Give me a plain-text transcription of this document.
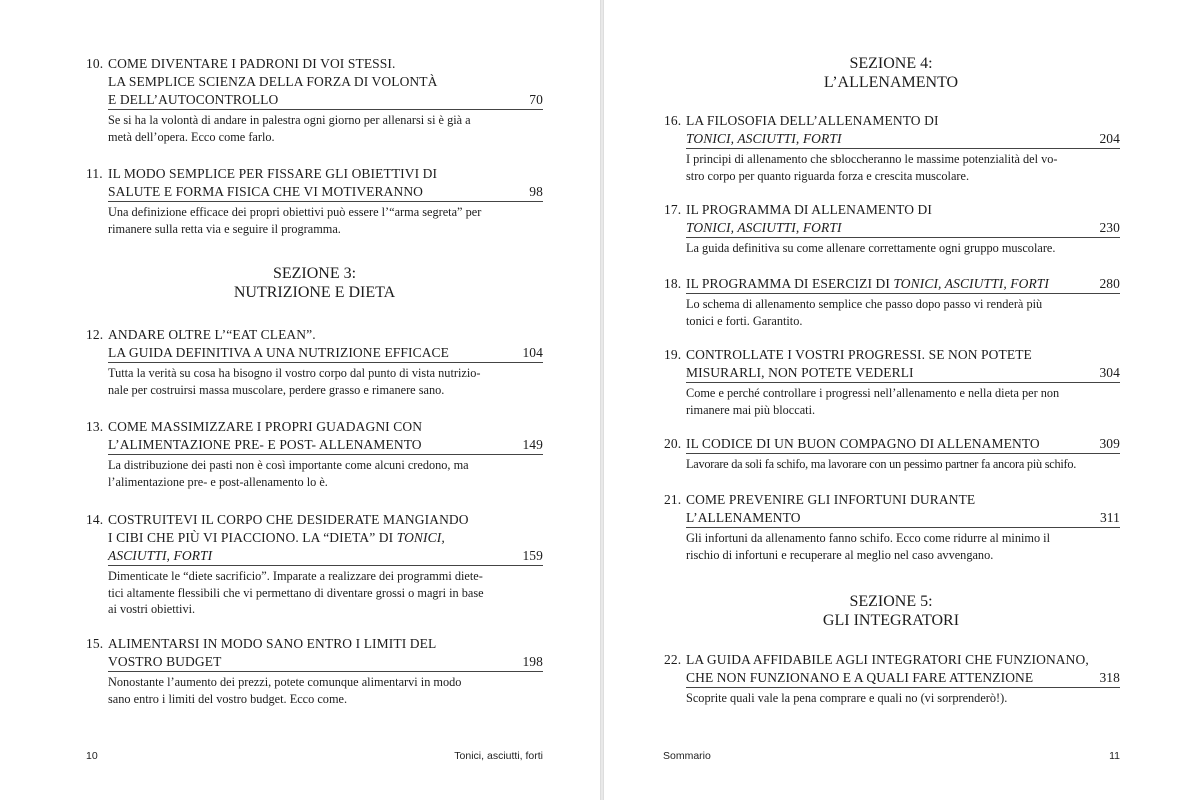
10. COME DIVENTARE I PADRONI DI VOI STESSI.
LA SEMPLICE SCIENZA DELLA FORZA DI VOLONTÀ
E DELL’AUTOCONTROLLO	70
Se si ha la volontà di andare in palestra ogni giorno per allenarsi si è già a
metà dell’opera. Ecco come farlo.
11. IL MODO SEMPLICE PER FISSARE GLI OBIETTIVI DI
SALUTE E FORMA FISICA CHE VI MOTIVERANNO	98
Una definizione efficace dei propri obiettivi può essere l’“arma segreta” per
rimanere sulla retta via e seguire il programma.
SEZIONE 3:
NUTRIZIONE E DIETA
12. ANDARE OLTRE L’“EAT CLEAN”.
LA GUIDA DEFINITIVA A UNA NUTRIZIONE EFFICACE	104
Tutta la verità su cosa ha bisogno il vostro corpo dal punto di vista nutrizio-
nale per costruirsi massa muscolare, perdere grasso e rimanere sano.
13. COME MASSIMIZZARE I PROPRI GUADAGNI CON
L’ALIMENTAZIONE PRE- E POST- ALLENAMENTO	149
La distribuzione dei pasti non è così importante come alcuni credono, ma
l’alimentazione pre- e post-allenamento lo è.
14. COSTRUITEVI IL CORPO CHE DESIDERATE MANGIANDO
I CIBI CHE PIÙ VI PIACCIONO. LA “DIETA” DI TONICI,
ASCIUTTI, FORTI	159
Dimenticate le “diete sacrificio”. Imparate a realizzare dei programmi diete-
tici altamente flessibili che vi permettano di diventare grossi o magri in base
ai vostri obiettivi.
15. ALIMENTARSI IN MODO SANO ENTRO I LIMITI DEL
VOSTRO BUDGET	198
Nonostante l’aumento dei prezzi, potete comunque alimentarvi in modo
sano entro i limiti del vostro budget. Ecco come.
10	Tonici, asciutti, forti
SEZIONE 4:
L’ALLENAMENTO
16. LA FILOSOFIA DELL’ALLENAMENTO DI
TONICI, ASCIUTTI, FORTI	204
I principi di allenamento che sbloccheranno le massime potenzialità del vo-
stro corpo per quanto riguarda forza e crescita muscolare.
17. IL PROGRAMMA DI ALLENAMENTO DI
TONICI, ASCIUTTI, FORTI	230
La guida definitiva su come allenare correttamente ogni gruppo muscolare.
18. IL PROGRAMMA DI ESERCIZI DI TONICI, ASCIUTTI, FORTI	280
Lo schema di allenamento semplice che passo dopo passo vi renderà più
tonici e forti. Garantito.
19. CONTROLLATE I VOSTRI PROGRESSI. SE NON POTETE
MISURARLI, NON POTETE VEDERLI	304
Come e perché controllare i progressi nell’allenamento e nella dieta per non
rimanere mai più bloccati.
20. IL CODICE DI UN BUON COMPAGNO DI ALLENAMENTO	309
Lavorare da soli fa schifo, ma lavorare con un pessimo partner fa ancora più schifo.
21. COME PREVENIRE GLI INFORTUNI DURANTE
L’ALLENAMENTO	311
Gli infortuni da allenamento fanno schifo. Ecco come ridurre al minimo il
rischio di infortuni e recuperare al meglio nel caso avvengano.
SEZIONE 5:
GLI INTEGRATORI
22. LA GUIDA AFFIDABILE AGLI INTEGRATORI CHE FUNZIONANO,
CHE NON FUNZIONANO E A QUALI FARE ATTENZIONE	318
Scoprite quali vale la pena comprare e quali no (vi sorprenderò!).
Sommario	11
